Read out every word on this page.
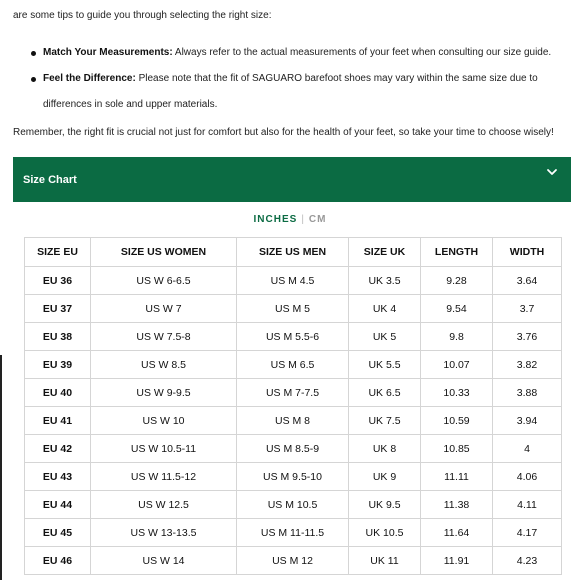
are some tips to guide you through selecting the right size:
Match Your Measurements: Always refer to the actual measurements of your feet when consulting our size guide.
Feel the Difference: Please note that the fit of SAGUARO barefoot shoes may vary within the same size due to differences in sole and upper materials.
Remember, the right fit is crucial not just for comfort but also for the health of your feet, so take your time to choose wisely!
Size Chart
INCHES | CM
SIZE EU	SIZE US WOMEN	SIZE US MEN	SIZE UK	LENGTH	WIDTH
EU 36	US W 6-6.5	US M 4.5	UK 3.5	9.28	3.64
EU 37	US W 7	US M 5	UK 4	9.54	3.7
EU 38	US W 7.5-8	US M 5.5-6	UK 5	9.8	3.76
EU 39	US W 8.5	US M 6.5	UK 5.5	10.07	3.82
EU 40	US W 9-9.5	US M 7-7.5	UK 6.5	10.33	3.88
EU 41	US W 10	US M 8	UK 7.5	10.59	3.94
EU 42	US W 10.5-11	US M 8.5-9	UK 8	10.85	4
EU 43	US W 11.5-12	US M 9.5-10	UK 9	11.11	4.06
EU 44	US W 12.5	US M 10.5	UK 9.5	11.38	4.11
EU 45	US W 13-13.5	US M 11-11.5	UK 10.5	11.64	4.17
EU 46	US W 14	US M 12	UK 11	11.91	4.23
